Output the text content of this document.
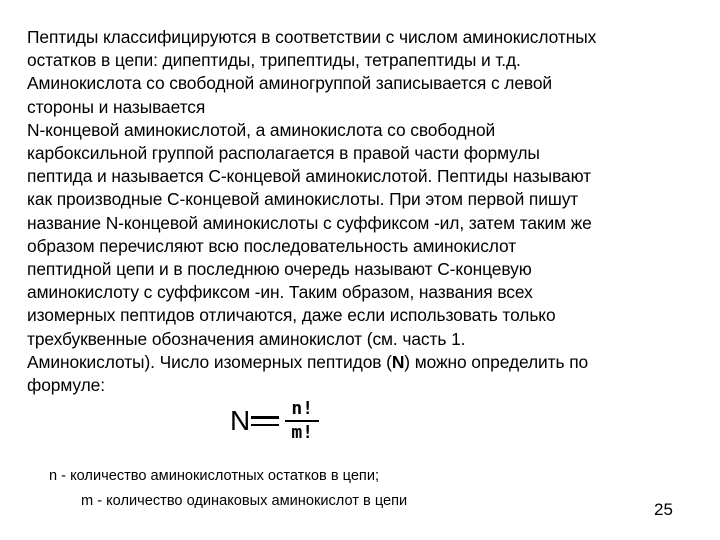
Пептиды классифицируются в соответствии с числом аминокислотных
остатков в цепи: дипептиды, трипептиды, тетрапептиды и т.д.
Аминокислота со свободной аминогруппой записывается с левой
стороны и называется
N-концевой аминокислотой, а аминокислота со свободной
карбоксильной группой располагается в правой части формулы
пептида и называется С-концевой аминокислотой. Пептиды называют
как производные С-концевой аминокислоты. При этом первой пишут
название N-концевой аминокислоты с суффиксом -ил, затем таким же
образом перечисляют всю последовательность аминокислот
пептидной цепи и в последнюю очередь называют С-концевую
аминокислоту с суффиксом -ин. Таким образом, названия всех
изомерных пептидов отличаются, даже если использовать только
трехбуквенные обозначения аминокислот (см. часть 1.
Аминокислоты). Число изомерных пептидов (N) можно определить по
формуле:
N $\frac{n!}{m!}$
n - количество аминокислотных остатков в цепи;
m - количество одинаковых аминокислот в цепи	25
